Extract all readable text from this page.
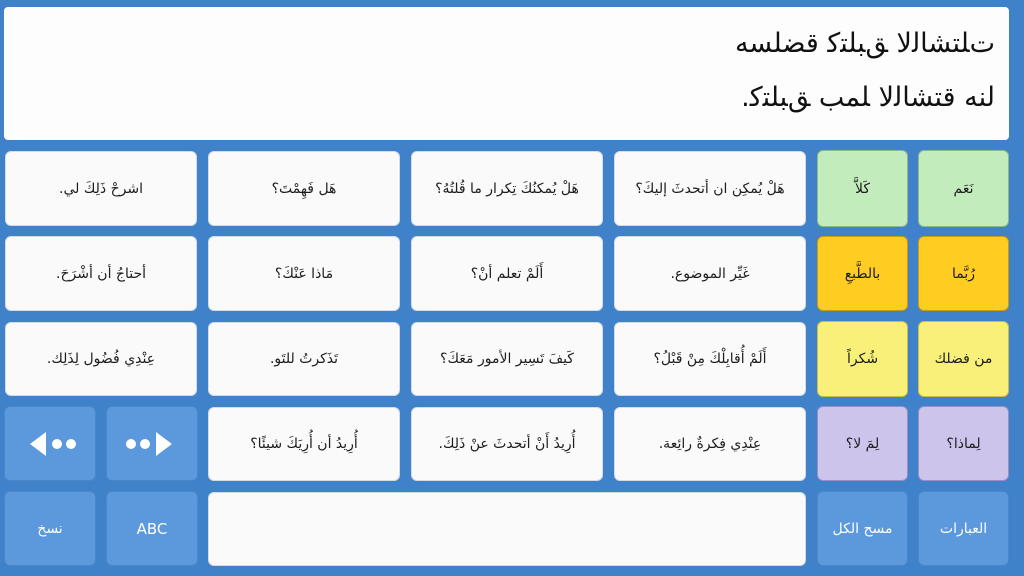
ﺕﻠﺘﺸﺎﻟﻻ ﻖﺒﻠﺘﻛ ﻗﻀﻠﺴﻪ
ﻟﻨﻪ ﻗﺘﺸﺎﻟﻻ ﻠﻤﺐ ﻖﺒﻠﺘﻛ.
نَعَم
كَلاَّ
رُبَّما
بالطَّبعِ
من فضلك
شُكراً
لِماذا؟
لِمَ لا؟
هَلْ يُمكِن ان أتحدثَ إليكَ؟
هَلْ يُمكنُكَ تِكرار ما قُلتُهُ؟
هَل فَهِمْتَ؟
اشرحْ ذَلِكَ لي.
غَيِّر الموضوع.
أَلَمْ تعلم أنْ؟
مَاذا عَنْكَ؟
أحتاجُ أن أشْرَحَ.
أَلَمْ أُقابِلْكَ مِنْ قَبْلُ؟
كَيفَ تَسِير الأمور مَعَكَ؟
تَذَكرتُ للتَو.
عِنْدِي فُضُول لِذَلِك.
عِنْدِي فِكرةٌ رائِعة.
أُرِيدُ أَنْ أتحدثَ عنْ ذَلِكَ.
أُرِيدُ أن أُرِيَكَ شيئًا؟
العبارات
مسح الكل
ABC
نسخ
